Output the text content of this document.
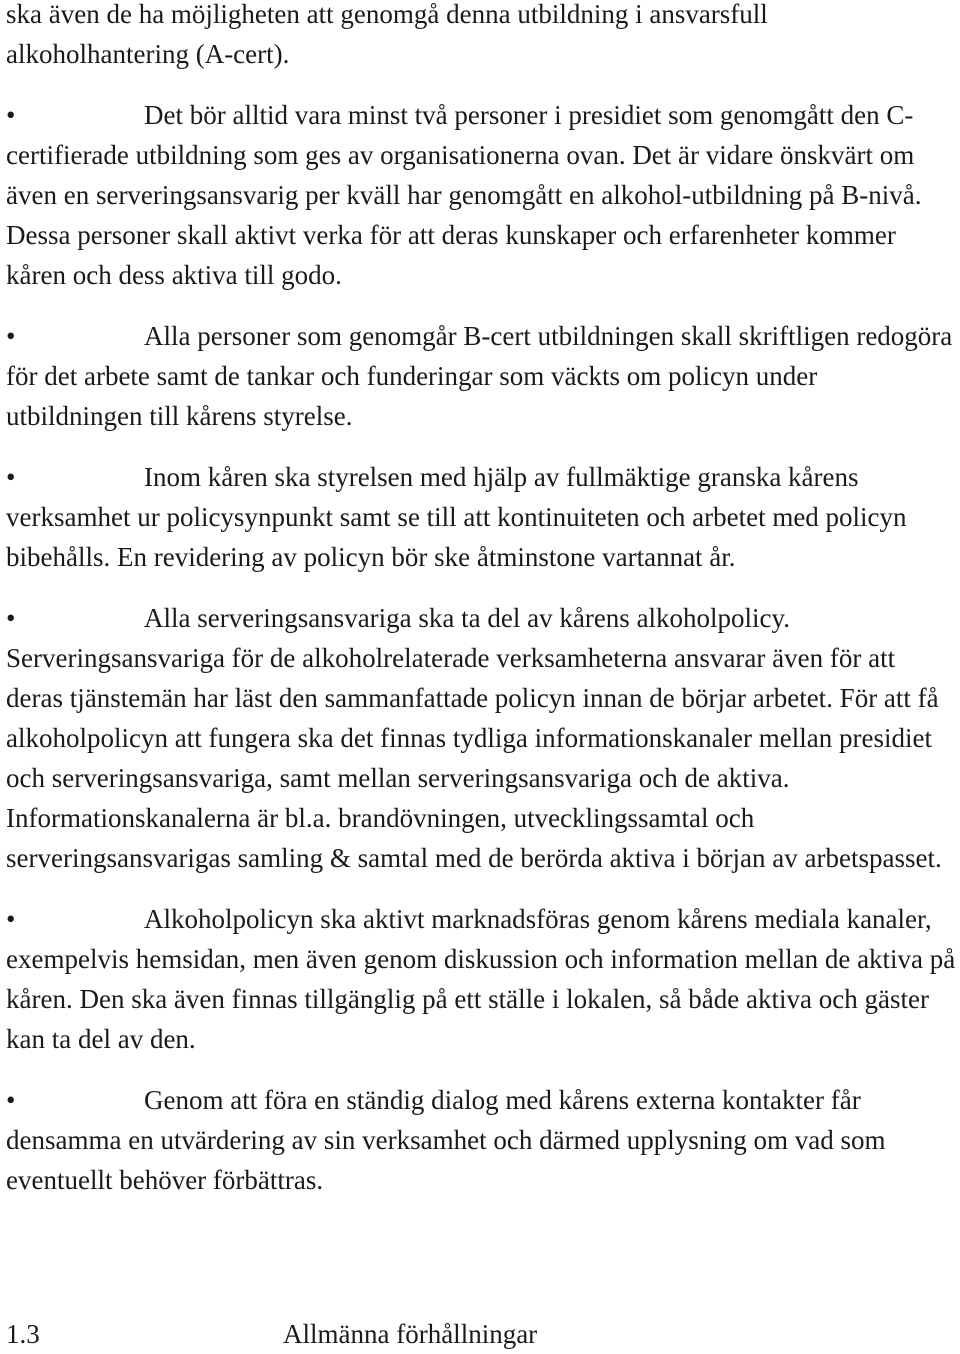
ska även de ha möjligheten att genomgå denna utbildning i ansvarsfull alkoholhantering (A-cert).

•	Det bör alltid vara minst två personer i presidiet som genomgått den C-certifierade utbildning som ges av organisationerna ovan. Det är vidare önskvärt om även en serveringsansvarig per kväll har genomgått en alkohol-utbildning på B-nivå. Dessa personer skall aktivt verka för att deras kunskaper och erfarenheter kommer kåren och dess aktiva till godo.

•	Alla personer som genomgår B-cert utbildningen skall skriftligen redogöra för det arbete samt de tankar och funderingar som väckts om policyn under utbildningen till kårens styrelse.

•	Inom kåren ska styrelsen med hjälp av fullmäktige granska kårens verksamhet ur policysynpunkt samt se till att kontinuiteten och arbetet med policyn bibehålls. En revidering av policyn bör ske åtminstone vartannat år.

•	Alla serveringsansvariga ska ta del av kårens alkoholpolicy. Serveringsansvariga för de alkoholrelaterade verksamheterna ansvarar även för att deras tjänstemän har läst den sammanfattade policyn innan de börjar arbetet. För att få alkoholpolicyn att fungera ska det finnas tydliga informationskanaler mellan presidiet och serveringsansvariga, samt mellan serveringsansvariga och de aktiva. Informationskanalerna är bl.a. brandövningen, utvecklingssamtal och serveringsansvarigas samling & samtal med de berörda aktiva i början av arbetspasset.

•	Alkoholpolicyn ska aktivt marknadsföras genom kårens mediala kanaler, exempelvis hemsidan, men även genom diskussion och information mellan de aktiva på kåren. Den ska även finnas tillgänglig på ett ställe i lokalen, så både aktiva och gäster kan ta del av den.

•	Genom att föra en ständig dialog med kårens externa kontakter får densamma en utvärdering av sin verksamhet och därmed upplysning om vad som eventuellt behöver förbättras.

1.3	Allmänna förhållningar
